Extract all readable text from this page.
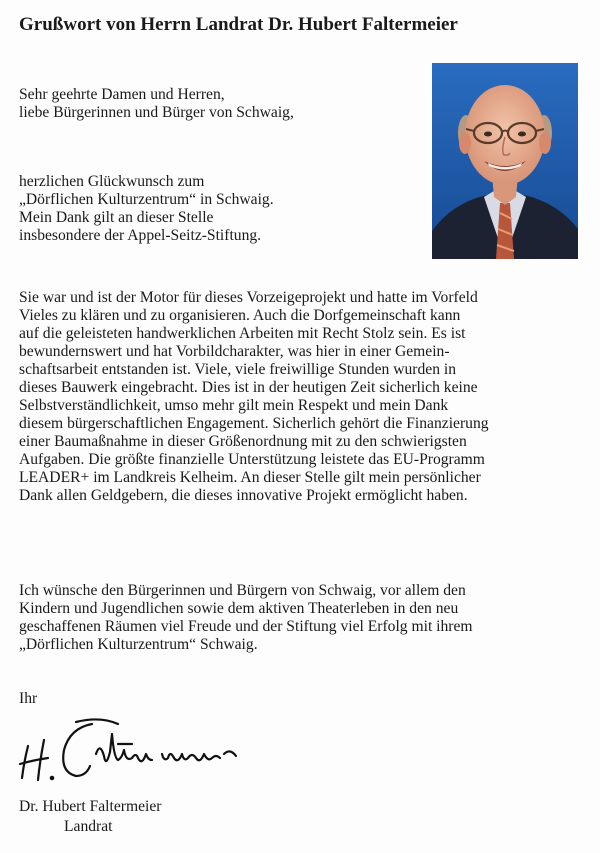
Grußwort von Herrn Landrat Dr. Hubert Faltermeier
Sehr geehrte Damen und Herren,
liebe Bürgerinnen und Bürger von Schwaig,
herzlichen Glückwunsch zum
„Dörflichen Kulturzentrum“ in Schwaig.
Mein Dank gilt an dieser Stelle
insbesondere der Appel-Seitz-Stiftung.
Sie war und ist der Motor für dieses Vorzeigeprojekt und hatte im Vorfeld
Vieles zu klären und zu organisieren. Auch die Dorfgemeinschaft kann
auf die geleisteten handwerklichen Arbeiten mit Recht Stolz sein. Es ist
bewundernswert und hat Vorbildcharakter, was hier in einer Gemein-
schaftsarbeit entstanden ist. Viele, viele freiwillige Stunden wurden in
dieses Bauwerk eingebracht. Dies ist in der heutigen Zeit sicherlich keine
Selbstverständlichkeit, umso mehr gilt mein Respekt und mein Dank
diesem bürgerschaftlichen Engagement. Sicherlich gehört die Finanzierung
einer Baumaßnahme in dieser Größenordnung mit zu den schwierigsten
Aufgaben. Die größte finanzielle Unterstützung leistete das EU-Programm
LEADER+ im Landkreis Kelheim. An dieser Stelle gilt mein persönlicher
Dank allen Geldgebern, die dieses innovative Projekt ermöglicht haben.
Ich wünsche den Bürgerinnen und Bürgern von Schwaig, vor allem den
Kindern und Jugendlichen sowie dem aktiven Theaterleben in den neu
geschaffenen Räumen viel Freude und der Stiftung viel Erfolg mit ihrem
„Dörflichen Kulturzentrum“ Schwaig.
Ihr
Dr. Hubert Faltermeier
Landrat
